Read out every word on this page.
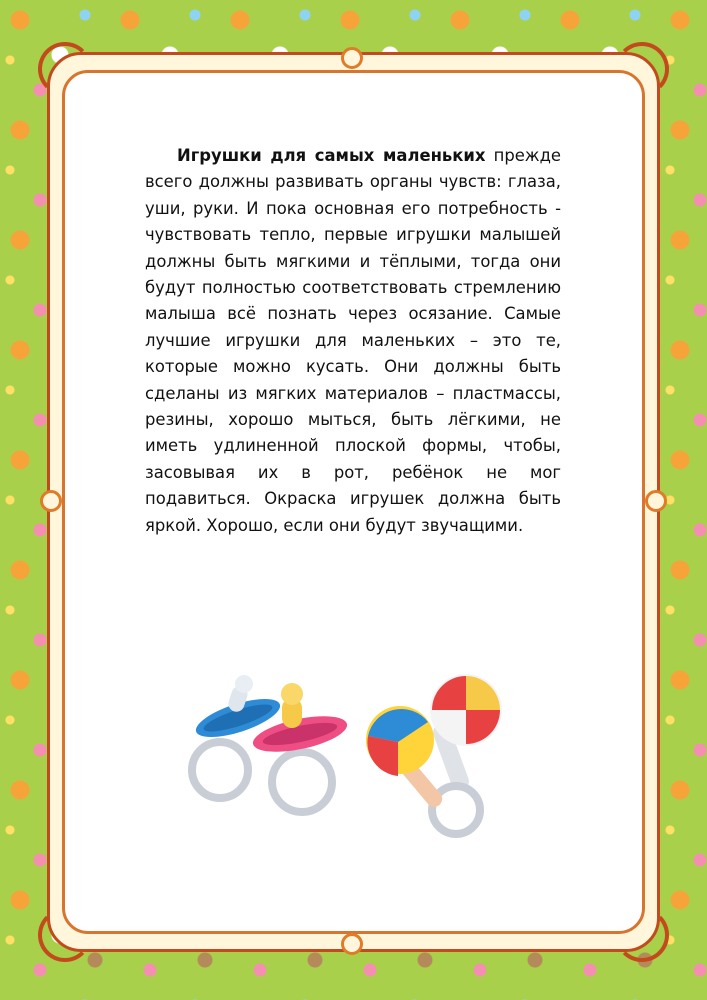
Игрушки для самых маленьких прежде всего должны развивать органы чувств: глаза, уши, руки. И пока основная его потребность - чувствовать тепло, первые игрушки малышей должны быть мягкими и тёплыми, тогда они будут полностью соответствовать стремлению малыша всё познать через осязание. Самые лучшие игрушки для маленьких – это те, которые можно кусать. Они должны быть сделаны из мягких материалов – пластмассы, резины, хорошо мыться, быть лёгкими, не иметь удлиненной плоской формы, чтобы, засовывая их в рот, ребёнок не мог подавиться. Окраска игрушек должна быть яркой. Хорошо, если они будут звучащими.
